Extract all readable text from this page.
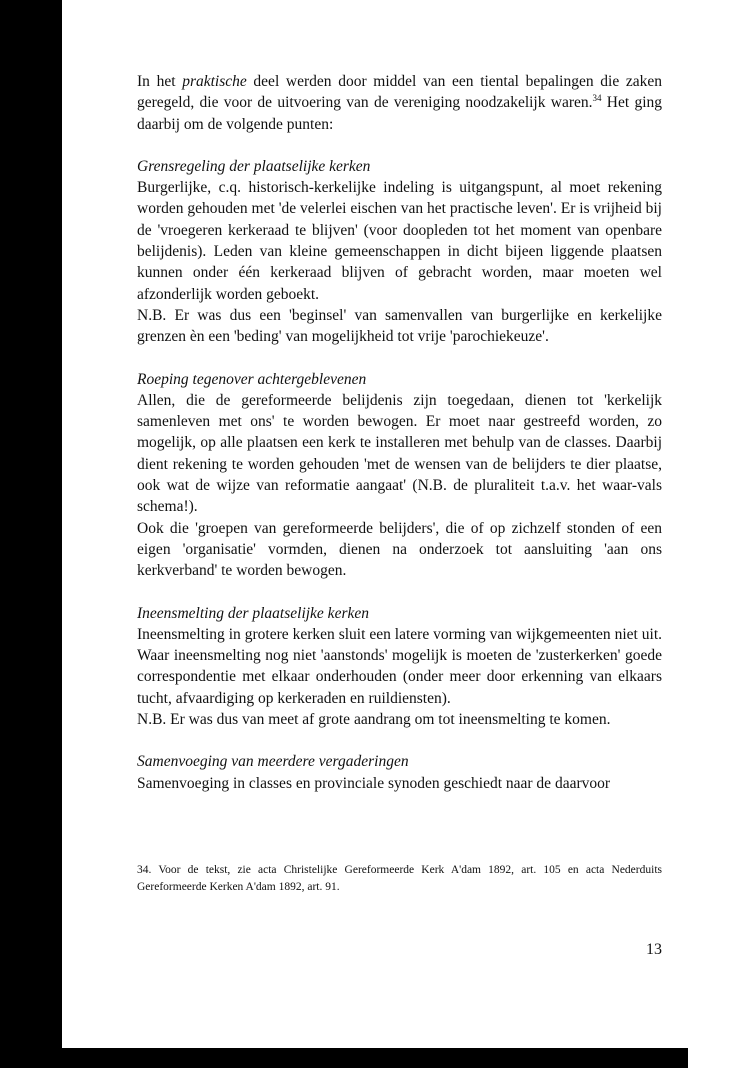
In het praktische deel werden door middel van een tiental bepalingen die zaken geregeld, die voor de uitvoering van de vereniging noodzakelijk waren.$^{34}$ Het ging daarbij om de volgende punten:

Grensregeling der plaatselijke kerken

Burgerlijke, c.q. historisch-kerkelijke indeling is uitgangspunt, al moet rekening worden gehouden met 'de velerlei eischen van het practische leven'. Er is vrijheid bij de 'vroegeren kerkeraad te blijven' (voor doopleden tot het moment van openbare belijdenis). Leden van kleine gemeenschappen in dicht bijeen liggende plaatsen kunnen onder één kerkeraad blijven of gebracht worden, maar moeten wel afzonderlijk worden geboekt.

N.B. Er was dus een 'beginsel' van samenvallen van burgerlijke en kerkelijke grenzen èn een 'beding' van mogelijkheid tot vrije 'parochiekeuze'.

Roeping tegenover achtergeblevenen

Allen, die de gereformeerde belijdenis zijn toegedaan, dienen tot 'kerkelijk samenleven met ons' te worden bewogen. Er moet naar gestreefd worden, zo mogelijk, op alle plaatsen een kerk te installeren met behulp van de classes. Daarbij dient rekening te worden gehouden 'met de wensen van de belijders te dier plaatse, ook wat de wijze van reformatie aangaat' (N.B. de pluraliteit t.a.v. het waar-vals schema!).

Ook die 'groepen van gereformeerde belijders', die of op zichzelf stonden of een eigen 'organisatie' vormden, dienen na onderzoek tot aansluiting 'aan ons kerkverband' te worden bewogen.

Ineensmelting der plaatselijke kerken

Ineensmelting in grotere kerken sluit een latere vorming van wijkgemeenten niet uit. Waar ineensmelting nog niet 'aanstonds' mogelijk is moeten de 'zusterkerken' goede correspondentie met elkaar onderhouden (onder meer door erkenning van elkaars tucht, afvaardiging op kerkeraden en ruildiensten).

N.B. Er was dus van meet af grote aandrang om tot ineensmelting te komen.

Samenvoeging van meerdere vergaderingen

Samenvoeging in classes en provinciale synoden geschiedt naar de daarvoor

34. Voor de tekst, zie acta Christelijke Gereformeerde Kerk A'dam 1892, art. 105 en acta Nederduits Gereformeerde Kerken A'dam 1892, art. 91.
13
